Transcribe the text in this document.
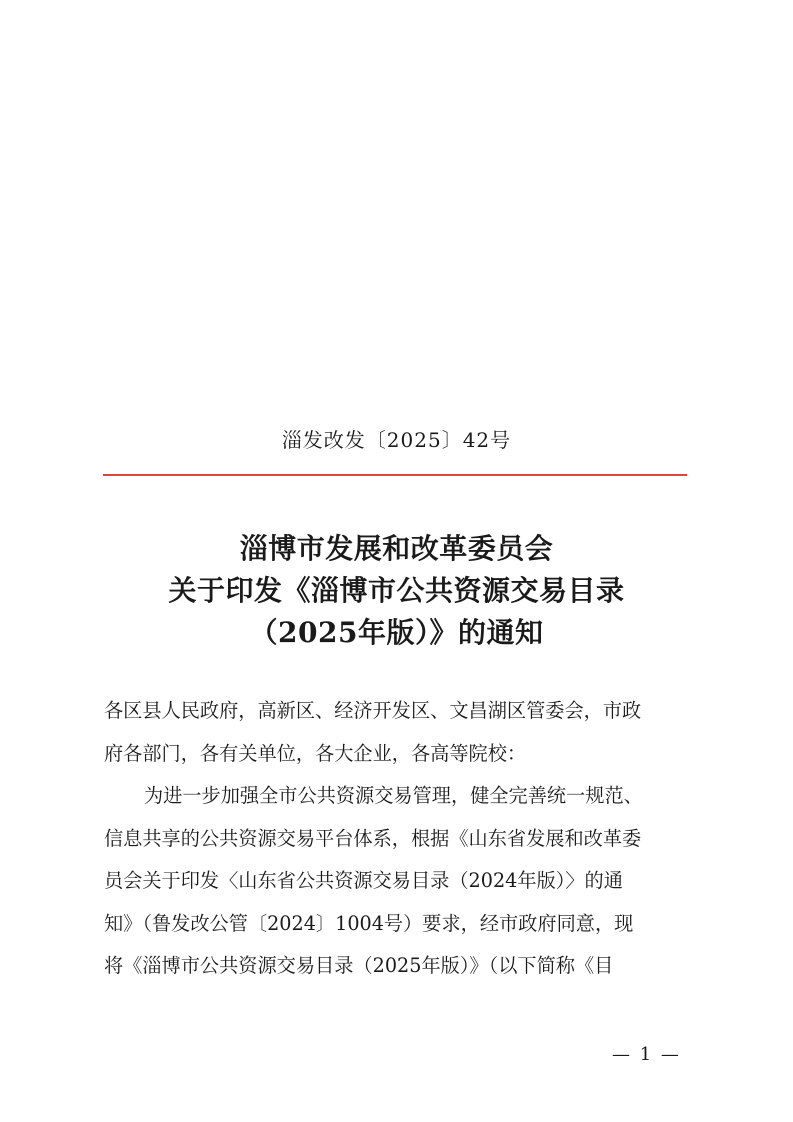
淄发改发〔2025〕42号
淄博市发展和改革委员会
关于印发《淄博市公共资源交易目录
（2025年版）》的通知
各区县人民政府，高新区、经济开发区、文昌湖区管委会，市政
府各部门，各有关单位，各大企业，各高等院校：
为进一步加强全市公共资源交易管理，健全完善统一规范、
信息共享的公共资源交易平台体系，根据《山东省发展和改革委
员会关于印发〈山东省公共资源交易目录（2024年版）〉的通
知》（鲁发改公管〔2024〕1004号）要求，经市政府同意，现
将《淄博市公共资源交易目录（2025年版）》（以下简称《目
— 1 —
